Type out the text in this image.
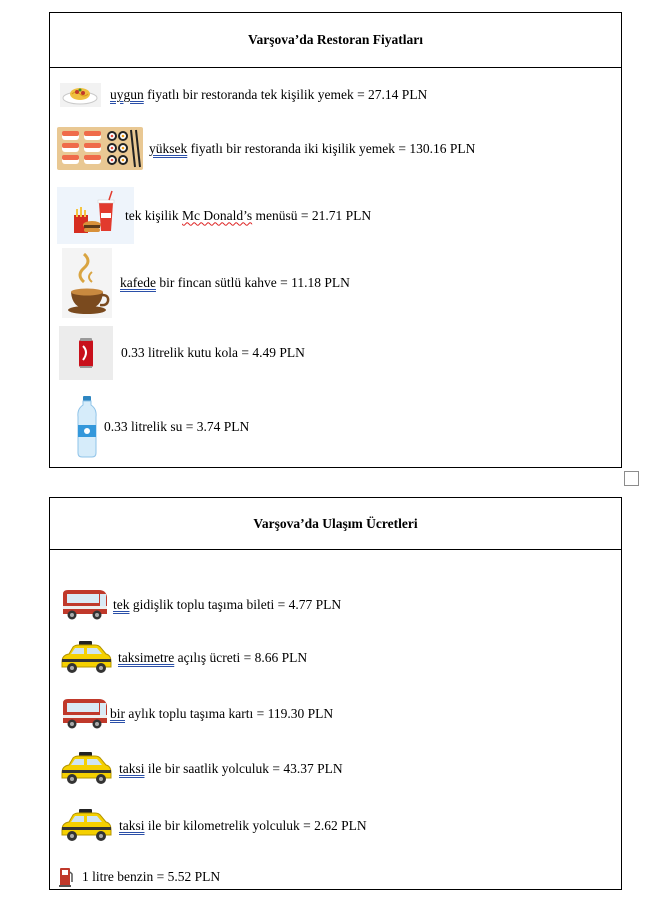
Varşova’da Restoran Fiyatları
uygun fiyatlı bir restoranda tek kişilik yemek = 27.14 PLN
yüksek fiyatlı bir restoranda iki kişilik yemek = 130.16 PLN
tek kişilik Mc Donald’s menüsü = 21.71 PLN
kafede bir fincan sütlü kahve = 11.18 PLN
0.33 litrelik kutu kola = 4.49 PLN
0.33 litrelik su = 3.74 PLN
Varşova’da Ulaşım Ücretleri
tek gidişlik toplu taşıma bileti = 4.77 PLN
taksimetre açılış ücreti = 8.66 PLN
bir aylık toplu taşıma kartı = 119.30 PLN
taksi ile bir saatlik yolculuk = 43.37 PLN
taksi ile bir kilometrelik yolculuk = 2.62 PLN
1 litre benzin = 5.52 PLN
